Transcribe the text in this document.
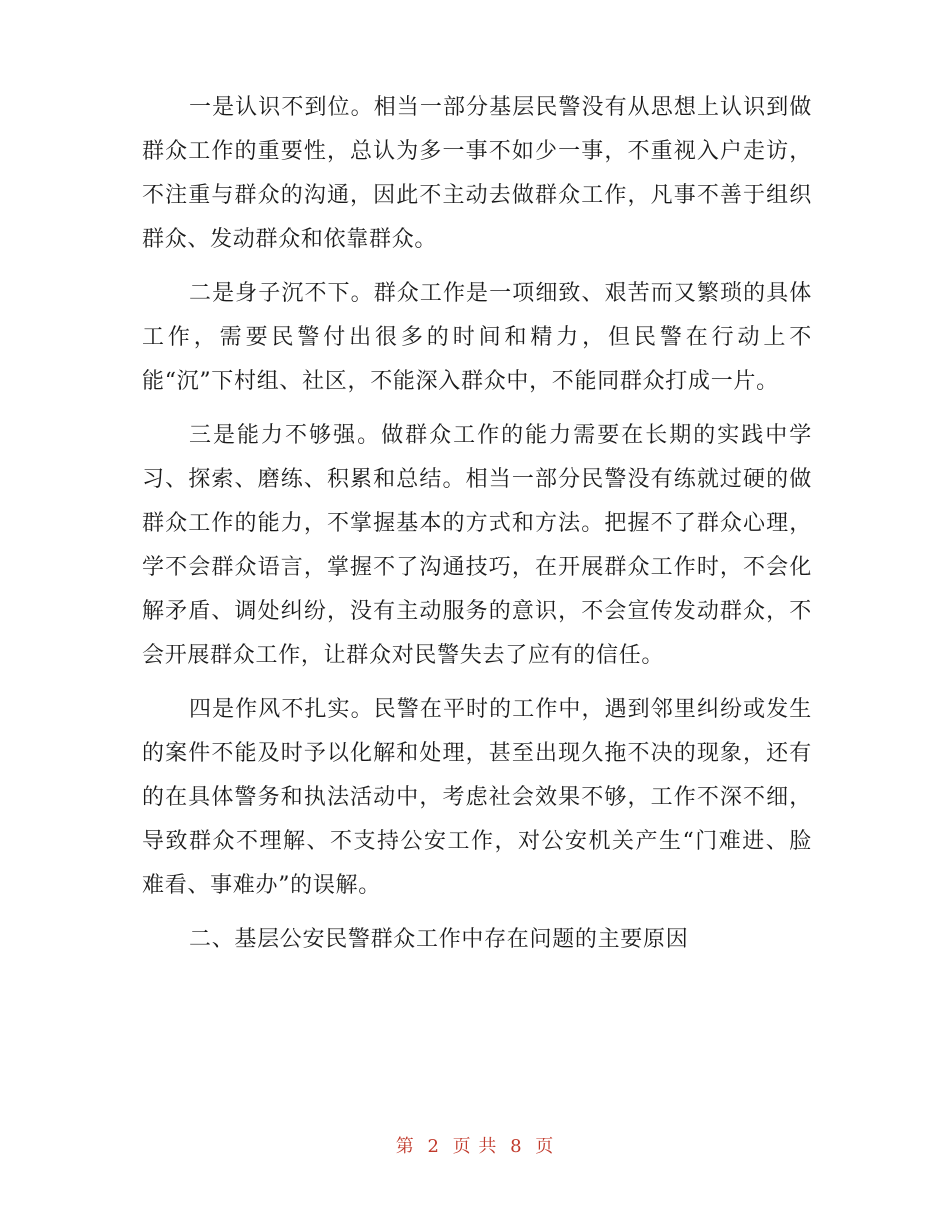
一是认识不到位。相当一部分基层民警没有从思想上认识到做群众工作的重要性，总认为多一事不如少一事，不重视入户走访，不注重与群众的沟通，因此不主动去做群众工作，凡事不善于组织群众、发动群众和依靠群众。

二是身子沉不下。群众工作是一项细致、艰苦而又繁琐的具体工作，需要民警付出很多的时间和精力，但民警在行动上不能“沉”下村组、社区，不能深入群众中，不能同群众打成一片。

三是能力不够强。做群众工作的能力需要在长期的实践中学习、探索、磨练、积累和总结。相当一部分民警没有练就过硬的做群众工作的能力，不掌握基本的方式和方法。把握不了群众心理，学不会群众语言，掌握不了沟通技巧，在开展群众工作时，不会化解矛盾、调处纠纷，没有主动服务的意识，不会宣传发动群众，不会开展群众工作，让群众对民警失去了应有的信任。

四是作风不扎实。民警在平时的工作中，遇到邻里纠纷或发生的案件不能及时予以化解和处理，甚至出现久拖不决的现象，还有的在具体警务和执法活动中，考虑社会效果不够，工作不深不细，导致群众不理解、不支持公安工作，对公安机关产生“门难进、脸难看、事难办”的误解。

二、基层公安民警群众工作中存在问题的主要原因

第 2 页 共 8 页
